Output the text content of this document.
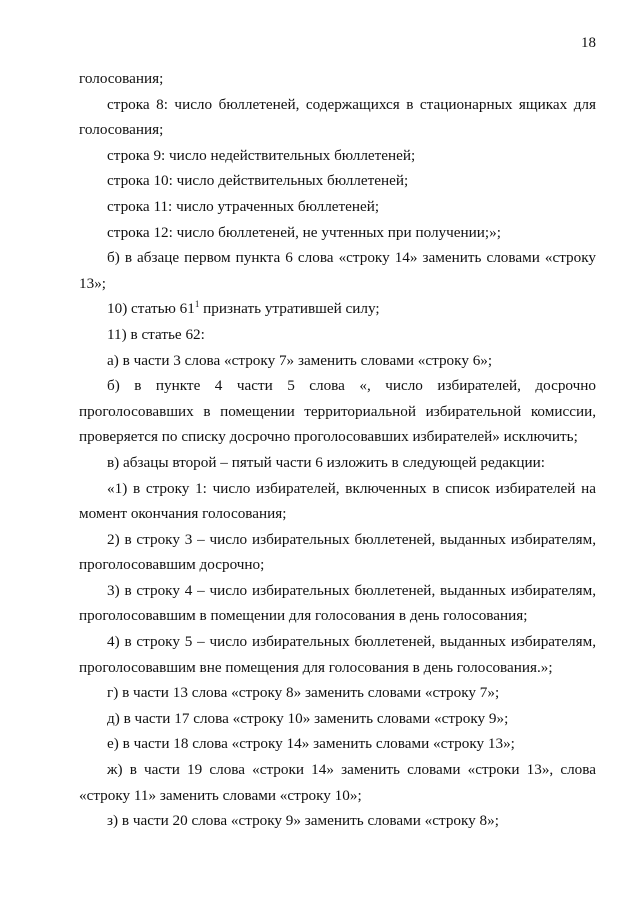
18

голосования;

строка 8: число бюллетеней, содержащихся в стационарных ящиках для голосования;

строка 9: число недействительных бюллетеней;

строка 10: число действительных бюллетеней;

строка 11: число утраченных бюллетеней;

строка 12: число бюллетеней, не учтенных при получении;»;

б) в абзаце первом пункта 6 слова «строку 14» заменить словами «строку 13»;

10) статью $61^1$ признать утратившей силу;

11) в статье 62:

а) в части 3 слова «строку 7» заменить словами «строку 6»;

б) в пункте 4 части 5 слова «, число избирателей, досрочно проголосовавших в помещении территориальной избирательной комиссии, проверяется по списку досрочно проголосовавших избирателей» исключить;

в) абзацы второй – пятый части 6 изложить в следующей редакции:

«1) в строку 1: число избирателей, включенных в список избирателей на момент окончания голосования;

2) в строку 3 – число избирательных бюллетеней, выданных избирателям, проголосовавшим досрочно;

3) в строку 4 – число избирательных бюллетеней, выданных избирателям, проголосовавшим в помещении для голосования в день голосования;

4) в строку 5 – число избирательных бюллетеней, выданных избирателям, проголосовавшим вне помещения для голосования в день голосования.»;

г) в части 13 слова «строку 8» заменить словами «строку 7»;

д) в части 17 слова «строку 10» заменить словами «строку 9»;

е) в части 18 слова «строку 14» заменить словами «строку 13»;

ж) в части 19 слова «строки 14» заменить словами «строки 13», слова «строку 11» заменить словами «строку 10»;

з) в части 20 слова «строку 9» заменить словами «строку 8»;
